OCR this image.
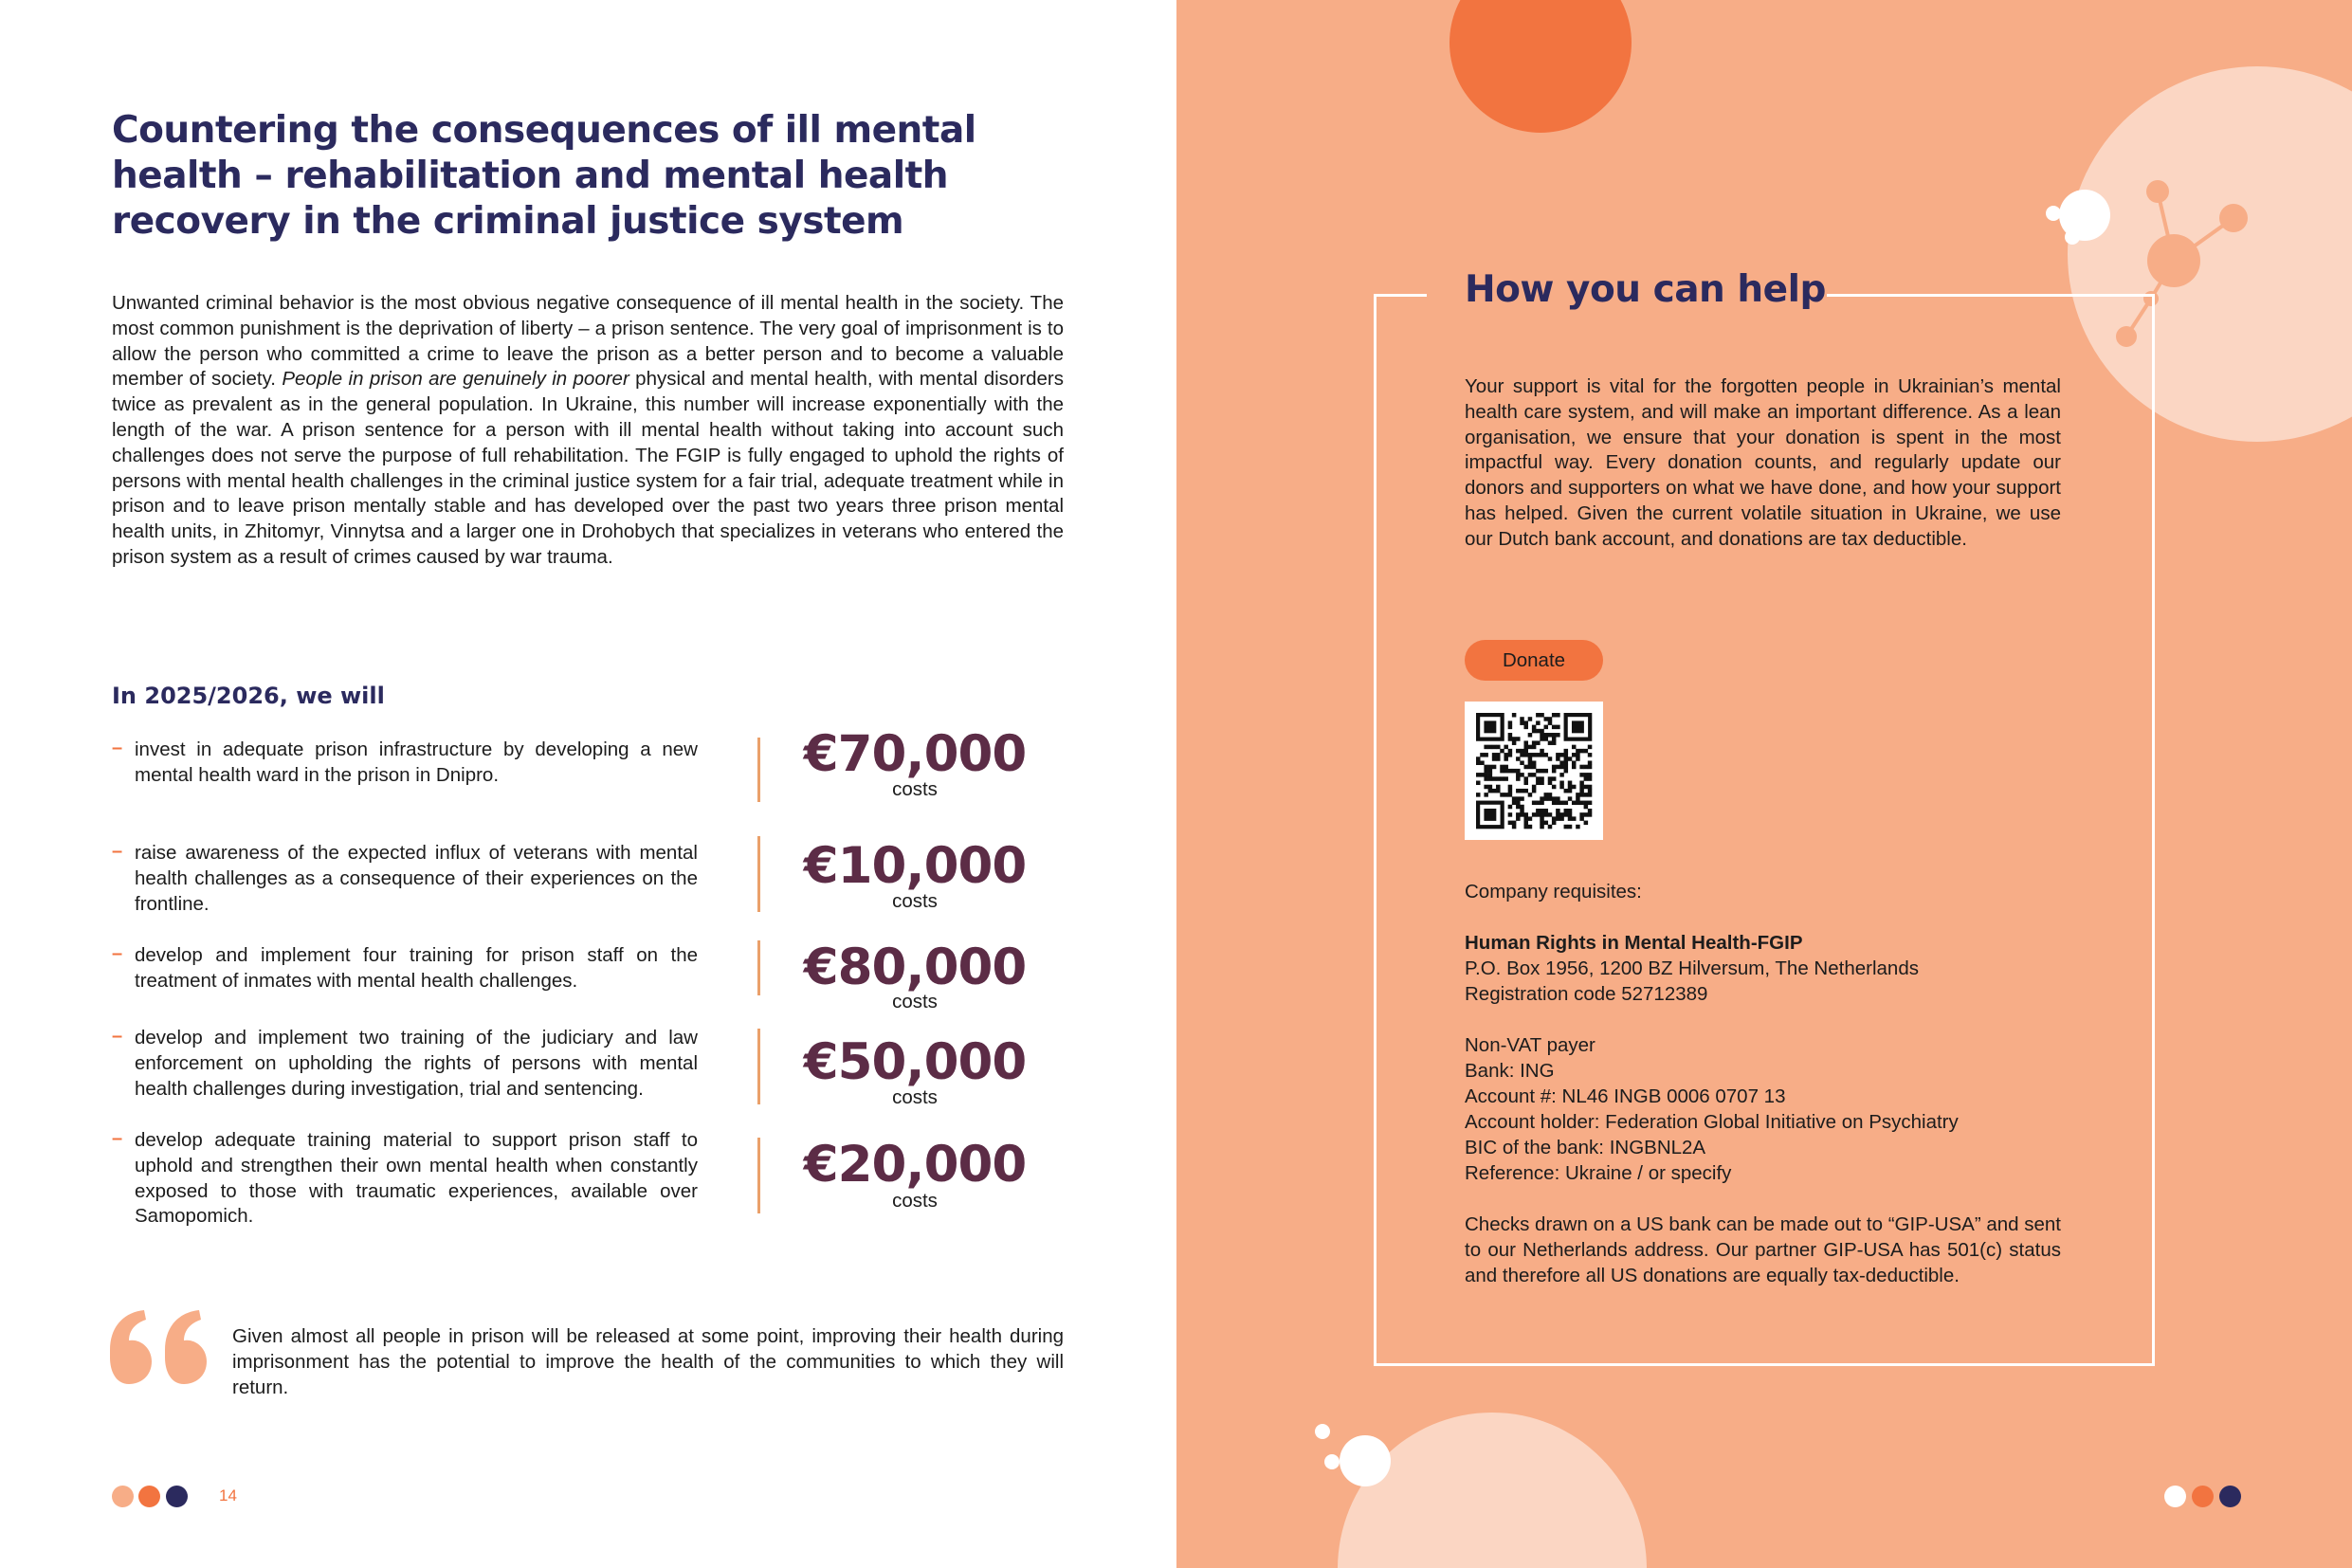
Countering the consequences of ill mental health – rehabilitation and mental health recovery in the criminal justice system

Unwanted criminal behavior is the most obvious negative consequence of ill mental health in the society. The most common punishment is the deprivation of liberty – a prison sentence. The very goal of imprisonment is to allow the person who committed a crime to leave the prison as a better person and to become a valuable member of society. People in prison are genuinely in poorer physical and mental health, with mental disorders twice as prevalent as in the general population. In Ukraine, this number will increase exponentially with the length of the war. A prison sentence for a person with ill mental health without taking into account such challenges does not serve the purpose of full rehabilitation. The FGIP is fully engaged to uphold the rights of persons with mental health challenges in the criminal justice system for a fair trial, adequate treatment while in prison and to leave prison mentally stable and has developed over the past two years three prison mental health units, in Zhitomyr, Vinnytsa and a larger one in Drohobych that specializes in veterans who entered the prison system as a result of crimes caused by war trauma.

In 2025/2026, we will
– invest in adequate prison infrastructure by developing a new mental health ward in the prison in Dnipro.	€70,000
costs
– raise awareness of the expected influx of veterans with mental health challenges as a consequence of their experiences on the frontline.
€10,000
costs
– develop and implement four training for prison staff on the treatment of inmates with mental health challenges.	€80,000
costs
– develop and implement two training of the judiciary and law enforcement on upholding the rights of persons with mental health challenges during investigation, trial and sentencing.	€50,000
costs
– develop adequate training material to support prison staff to uphold and strengthen their own mental health when constantly exposed to those with traumatic experiences, available over Samopomich.
€20,000
costs
Given almost all people in prison will be released at some point, improving their health during imprisonment has the potential to improve the health of the communities to which they will return.
14
How you can help
Your support is vital for the forgotten people in Ukrainian’s mental health care system, and will make an important difference. As a lean organisation, we ensure that your donation is spent in the most impactful way. Every donation counts, and regularly update our donors and supporters on what we have done, and how your support has helped. Given the current volatile situation in Ukraine, we use our Dutch bank account, and donations are tax deductible.
Donate
Company requisites:
Human Rights in Mental Health-FGIP
P.O. Box 1956, 1200 BZ Hilversum, The Netherlands
Registration code 52712389
Non-VAT payer
Bank: ING
Account #: NL46 INGB 0006 0707 13
Account holder: Federation Global Initiative on Psychiatry
BIC of the bank: INGBNL2A
Reference: Ukraine / or specify
Checks drawn on a US bank can be made out to “GIP-USA” and sent to our Netherlands address. Our partner GIP-USA has 501(c) status and therefore all US donations are equally tax-deductible.
